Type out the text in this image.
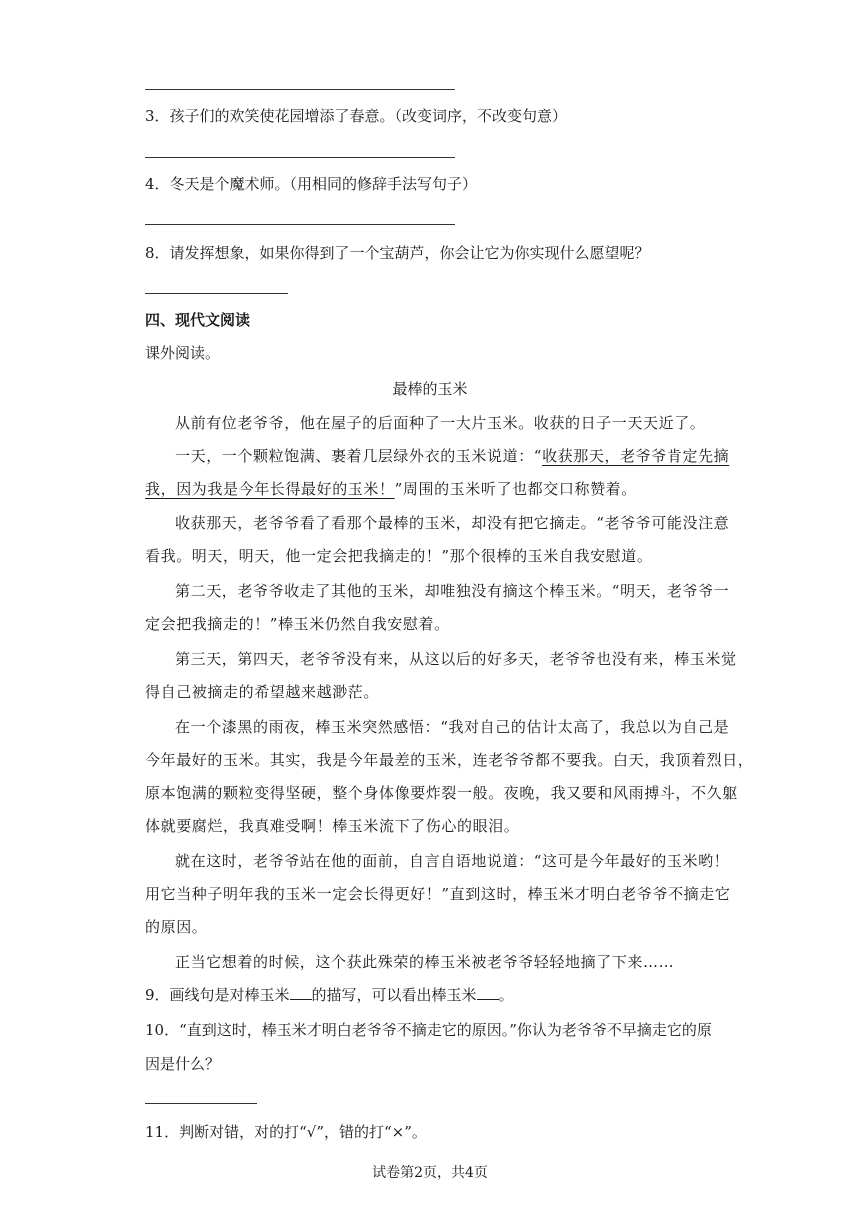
3．孩子们的欢笑使花园增添了春意。（改变词序，不改变句意）
4．冬天是个魔术师。（用相同的修辞手法写句子）
8．请发挥想象，如果你得到了一个宝葫芦，你会让它为你实现什么愿望呢？
四、现代文阅读
课外阅读。
最棒的玉米
从前有位老爷爷，他在屋子的后面种了一大片玉米。收获的日子一天天近了。
一天，一个颗粒饱满、裹着几层绿外衣的玉米说道：“收获那天，老爷爷肯定先摘
我，因为我是今年长得最好的玉米！”周围的玉米听了也都交口称赞着。
收获那天，老爷爷看了看那个最棒的玉米，却没有把它摘走。“老爷爷可能没注意
看我。明天，明天，他一定会把我摘走的！”那个很棒的玉米自我安慰道。
第二天，老爷爷收走了其他的玉米，却唯独没有摘这个棒玉米。“明天，老爷爷一
定会把我摘走的！”棒玉米仍然自我安慰着。
第三天，第四天，老爷爷没有来，从这以后的好多天，老爷爷也没有来，棒玉米觉
得自己被摘走的希望越来越渺茫。
在一个漆黑的雨夜，棒玉米突然感悟：“我对自己的估计太高了，我总以为自己是
今年最好的玉米。其实，我是今年最差的玉米，连老爷爷都不要我。白天，我顶着烈日，
原本饱满的颗粒变得坚硬，整个身体像要炸裂一般。夜晚，我又要和风雨搏斗，不久躯
体就要腐烂，我真难受啊！棒玉米流下了伤心的眼泪。
就在这时，老爷爷站在他的面前，自言自语地说道：“这可是今年最好的玉米哟！
用它当种子明年我的玉米一定会长得更好！”直到这时，棒玉米才明白老爷爷不摘走它
的原因。
正当它想着的时候，这个获此殊荣的棒玉米被老爷爷轻轻地摘了下来……
9．画线句是对棒玉米 的描写，可以看出棒玉米 。
10．“直到这时，棒玉米才明白老爷爷不摘走它的原因。”你认为老爷爷不早摘走它的原
因是什么？
11．判断对错，对的打“√”，错的打“×”。
试卷第2页，共4页
